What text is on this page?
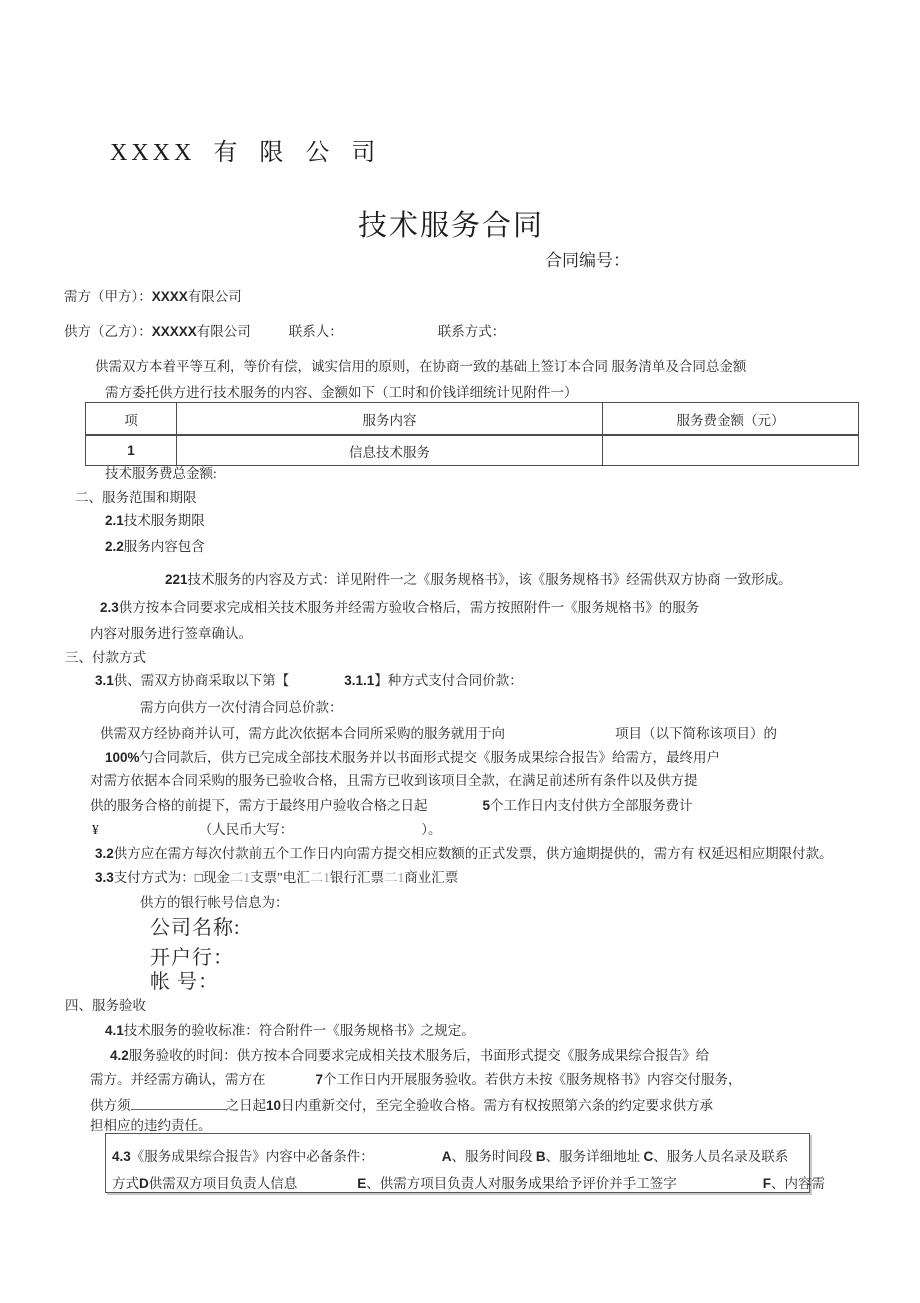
XXXX 有 限 公 司
技术服务合同
合同编号：
需方（甲方）：XXXX有限公司
供方（乙方）：XXXXX有限公司	联系人：	联系方式：
供需双方本着平等互利，等价有偿，诚实信用的原则，在协商一致的基础上签订本合同 服务清单及合同总金额
需方委托供方进行技术服务的内容、金额如下（工时和价钱详细统计见附件一）
项	服务内容	服务费金额（元）
1	信息技术服务	
技术服务费总金额:
二、服务范围和期限
2.1技术服务期限
2.2服务内容包含
221技术服务的内容及方式：详见附件一之《服务规格书》，该《服务规格书》经需供双方协商 一致形成。
2.3供方按本合同要求完成相关技术服务并经需方验收合格后，需方按照附件一《服务规格书》的服务
内容对服务进行签章确认。
三、付款方式
3.1供、需双方协商采取以下第【	3.1.1】种方式支付合同价款：
需方向供方一次付清合同总价款：
供需双方经协商并认可，需方此次依据本合同所采购的服务就用于向	项目（以下简称该项目）的
100%勺合同款后，供方已完成全部技术服务并以书面形式提交《服务成果综合报告》给需方，最终用户
对需方依据本合同采购的服务已验收合格，且需方已收到该项目全款，在满足前述所有条件以及供方提
供的服务合格的前提下，需方于最终用户验收合格之日起	5个工作日内支付供方全部服务费计
¥	（人民币大写：	）。
3.2供方应在需方每次付款前五个工作日内向需方提交相应数额的正式发票，供方逾期提供的，需方有 权延迟相应期限付款。
3.3支付方式为：□现金二1支票"电汇二1银行汇票二1商业汇票
供方的银行帐号信息为：
公司名称:
开户行：
帐 号：
四、服务验收
4.1技术服务的验收标准：符合附件一《服务规格书》之规定。
4.2服务验收的时间：供方按本合同要求完成相关技术服务后，书面形式提交《服务成果综合报告》给
需方。并经需方确认，需方在	7个工作日内开展服务验收。若供方未按《服务规格书》内容交付服务，
供方须	之日起10日内重新交付，至完全验收合格。需方有权按照第六条的约定要求供方承
担相应的违约责任。
4.3《服务成果综合报告》内容中必备条件：	A、服务时间段 B、服务详细地址 C、服务人员名录及联系
方式D供需双方项目负责人信息	E、供需方项目负责人对服务成果给予评价并手工签字	F、内容需
